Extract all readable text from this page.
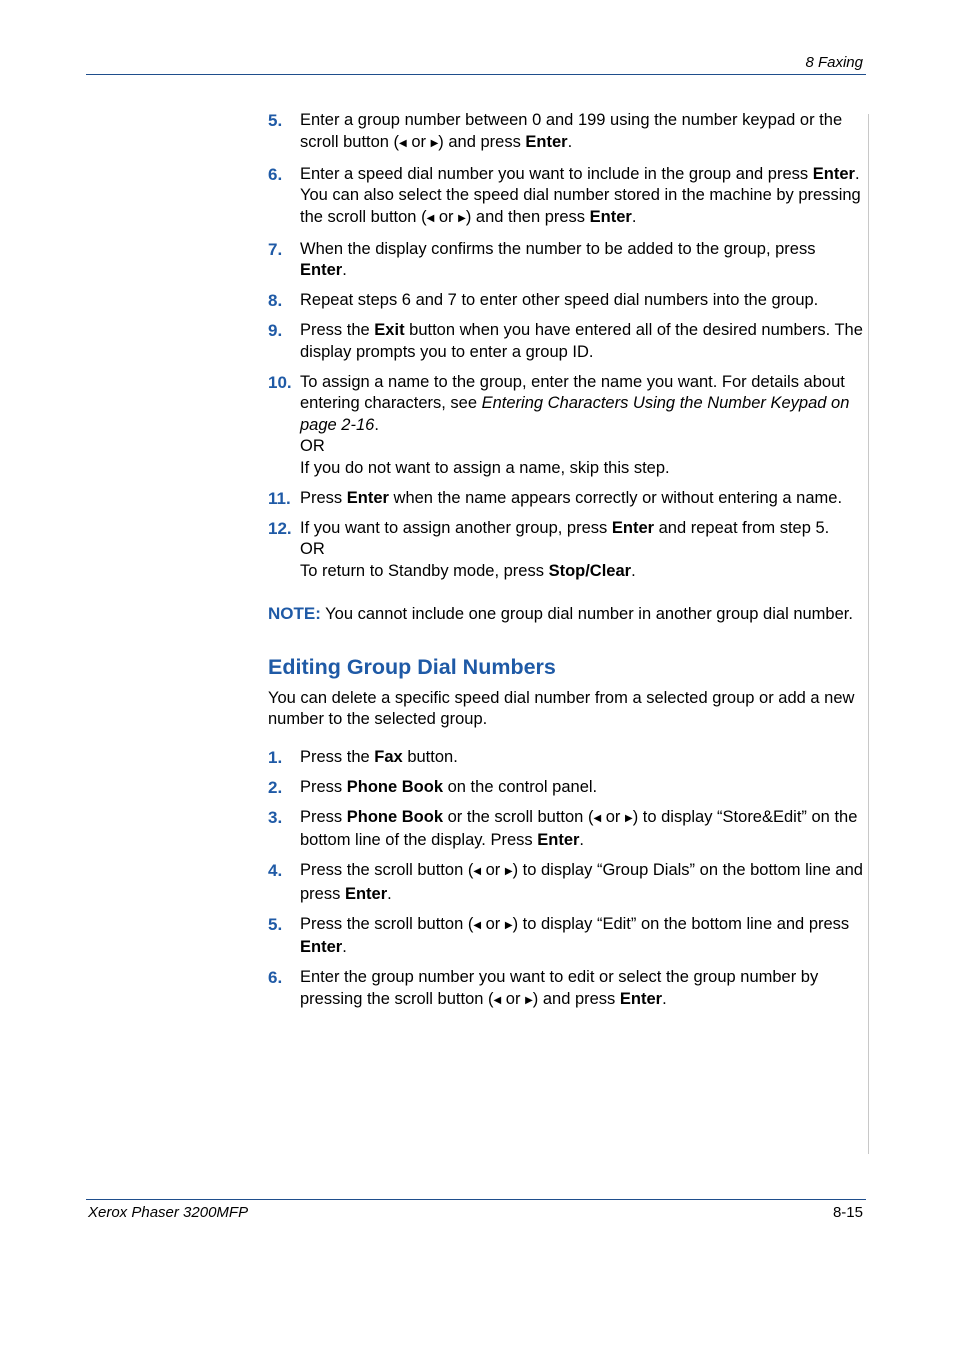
8 Faxing
5. Enter a group number between 0 and 199 using the number keypad or the scroll button (◀ or ▶) and press Enter.

6. Enter a speed dial number you want to include in the group and press Enter.

You can also select the speed dial number stored in the machine by pressing the scroll button (◀ or ▶) and then press Enter.

7. When the display confirms the number to be added to the group, press Enter.

8. Repeat steps 6 and 7 to enter other speed dial numbers into the group.

9. Press the Exit button when you have entered all of the desired numbers. The display prompts you to enter a group ID.

10. To assign a name to the group, enter the name you want. For details about entering characters, see Entering Characters Using the Number Keypad on page 2-16.

OR

If you do not want to assign a name, skip this step.

11. Press Enter when the name appears correctly or without entering a name.

12. If you want to assign another group, press Enter and repeat from step 5.

OR

To return to Standby mode, press Stop/Clear.

NOTE: You cannot include one group dial number in another group dial number.

Editing Group Dial Numbers

You can delete a specific speed dial number from a selected group or add a new number to the selected group.

1. Press the Fax button.

2. Press Phone Book on the control panel.

3. Press Phone Book or the scroll button (◀ or ▶) to display “Store&Edit” on the bottom line of the display. Press Enter.

4. Press the scroll button (◀ or ▶) to display “Group Dials” on the bottom line and press Enter.

5. Press the scroll button (◀ or ▶) to display “Edit” on the bottom line and press Enter.

6. Enter the group number you want to edit or select the group number by pressing the scroll button (◀ or ▶) and press Enter.

Xerox Phaser 3200MFP	8-15
